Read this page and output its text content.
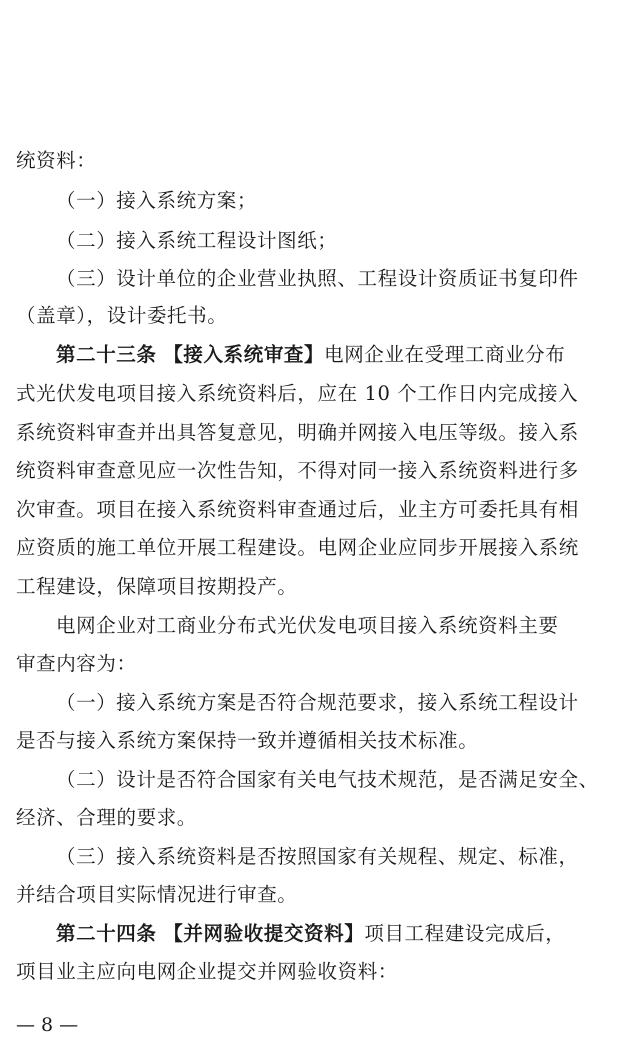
统资料：
（一）接入系统方案；
（二）接入系统工程设计图纸；
（三）设计单位的企业营业执照、工程设计资质证书复印件
（盖章），设计委托书。
第二十三条 【接入系统审查】电网企业在受理工商业分布
式光伏发电项目接入系统资料后，应在 10 个工作日内完成接入
系统资料审查并出具答复意见，明确并网接入电压等级。接入系
统资料审查意见应一次性告知，不得对同一接入系统资料进行多
次审查。项目在接入系统资料审查通过后，业主方可委托具有相
应资质的施工单位开展工程建设。电网企业应同步开展接入系统
工程建设，保障项目按期投产。
电网企业对工商业分布式光伏发电项目接入系统资料主要
审查内容为：
（一）接入系统方案是否符合规范要求，接入系统工程设计
是否与接入系统方案保持一致并遵循相关技术标准。
（二）设计是否符合国家有关电气技术规范，是否满足安全、
经济、合理的要求。
（三）接入系统资料是否按照国家有关规程、规定、标准，
并结合项目实际情况进行审查。
第二十四条 【并网验收提交资料】项目工程建设完成后，
项目业主应向电网企业提交并网验收资料：
— 8 —
